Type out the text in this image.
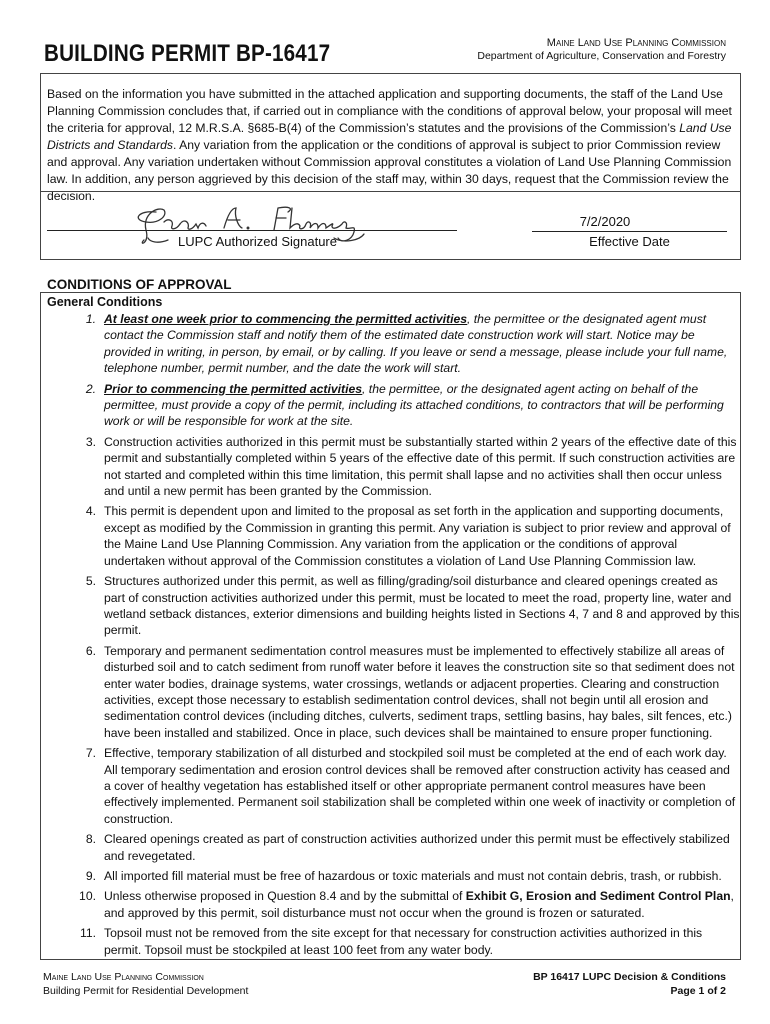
BUILDING PERMIT BP-16417	Maine Land Use Planning Commission
Department of Agriculture, Conservation and Forestry
Based on the information you have submitted in the attached application and supporting documents, the staff of the Land Use Planning Commission concludes that, if carried out in compliance with the conditions of approval below, your proposal will meet the criteria for approval, 12 M.R.S.A. §685-B(4) of the Commission’s statutes and the provisions of the Commission’s Land Use Districts and Standards. Any variation from the application or the conditions of approval is subject to prior Commission review and approval. Any variation undertaken without Commission approval constitutes a violation of Land Use Planning Commission law. In addition, any person aggrieved by this decision of the staff may, within 30 days, request that the Commission review the decision.
LUPC Authorized Signature
7/2/2020
Effective Date
CONDITIONS OF APPROVAL
General Conditions
1. At least one week prior to commencing the permitted activities, the permittee or the designated agent must contact the Commission staff and notify them of the estimated date construction work will start. Notice may be provided in writing, in person, by email, or by calling. If you leave or send a message, please include your full name, telephone number, permit number, and the date the work will start.
2. Prior to commencing the permitted activities, the permittee, or the designated agent acting on behalf of the permittee, must provide a copy of the permit, including its attached conditions, to contractors that will be performing work or will be responsible for work at the site.
3. Construction activities authorized in this permit must be substantially started within 2 years of the effective date of this permit and substantially completed within 5 years of the effective date of this permit. If such construction activities are not started and completed within this time limitation, this permit shall lapse and no activities shall then occur unless and until a new permit has been granted by the Commission.
4. This permit is dependent upon and limited to the proposal as set forth in the application and supporting documents, except as modified by the Commission in granting this permit. Any variation is subject to prior review and approval of the Maine Land Use Planning Commission. Any variation from the application or the conditions of approval undertaken without approval of the Commission constitutes a violation of Land Use Planning Commission law.
5. Structures authorized under this permit, as well as filling/grading/soil disturbance and cleared openings created as part of construction activities authorized under this permit, must be located to meet the road, property line, water and wetland setback distances, exterior dimensions and building heights listed in Sections 4, 7 and 8 and approved by this permit.
6. Temporary and permanent sedimentation control measures must be implemented to effectively stabilize all areas of disturbed soil and to catch sediment from runoff water before it leaves the construction site so that sediment does not enter water bodies, drainage systems, water crossings, wetlands or adjacent properties. Clearing and construction activities, except those necessary to establish sedimentation control devices, shall not begin until all erosion and sedimentation control devices (including ditches, culverts, sediment traps, settling basins, hay bales, silt fences, etc.) have been installed and stabilized. Once in place, such devices shall be maintained to ensure proper functioning.
7. Effective, temporary stabilization of all disturbed and stockpiled soil must be completed at the end of each work day. All temporary sedimentation and erosion control devices shall be removed after construction activity has ceased and a cover of healthy vegetation has established itself or other appropriate permanent control measures have been effectively implemented. Permanent soil stabilization shall be completed within one week of inactivity or completion of construction.
8. Cleared openings created as part of construction activities authorized under this permit must be effectively stabilized and revegetated.
9. All imported fill material must be free of hazardous or toxic materials and must not contain debris, trash, or rubbish.
10. Unless otherwise proposed in Question 8.4 and by the submittal of Exhibit G, Erosion and Sediment Control Plan, and approved by this permit, soil disturbance must not occur when the ground is frozen or saturated.
11. Topsoil must not be removed from the site except for that necessary for construction activities authorized in this permit. Topsoil must be stockpiled at least 100 feet from any water body.
Maine Land Use Planning Commission
Building Permit for Residential Development
BP 16417 LUPC Decision & Conditions
Page 1 of 2
